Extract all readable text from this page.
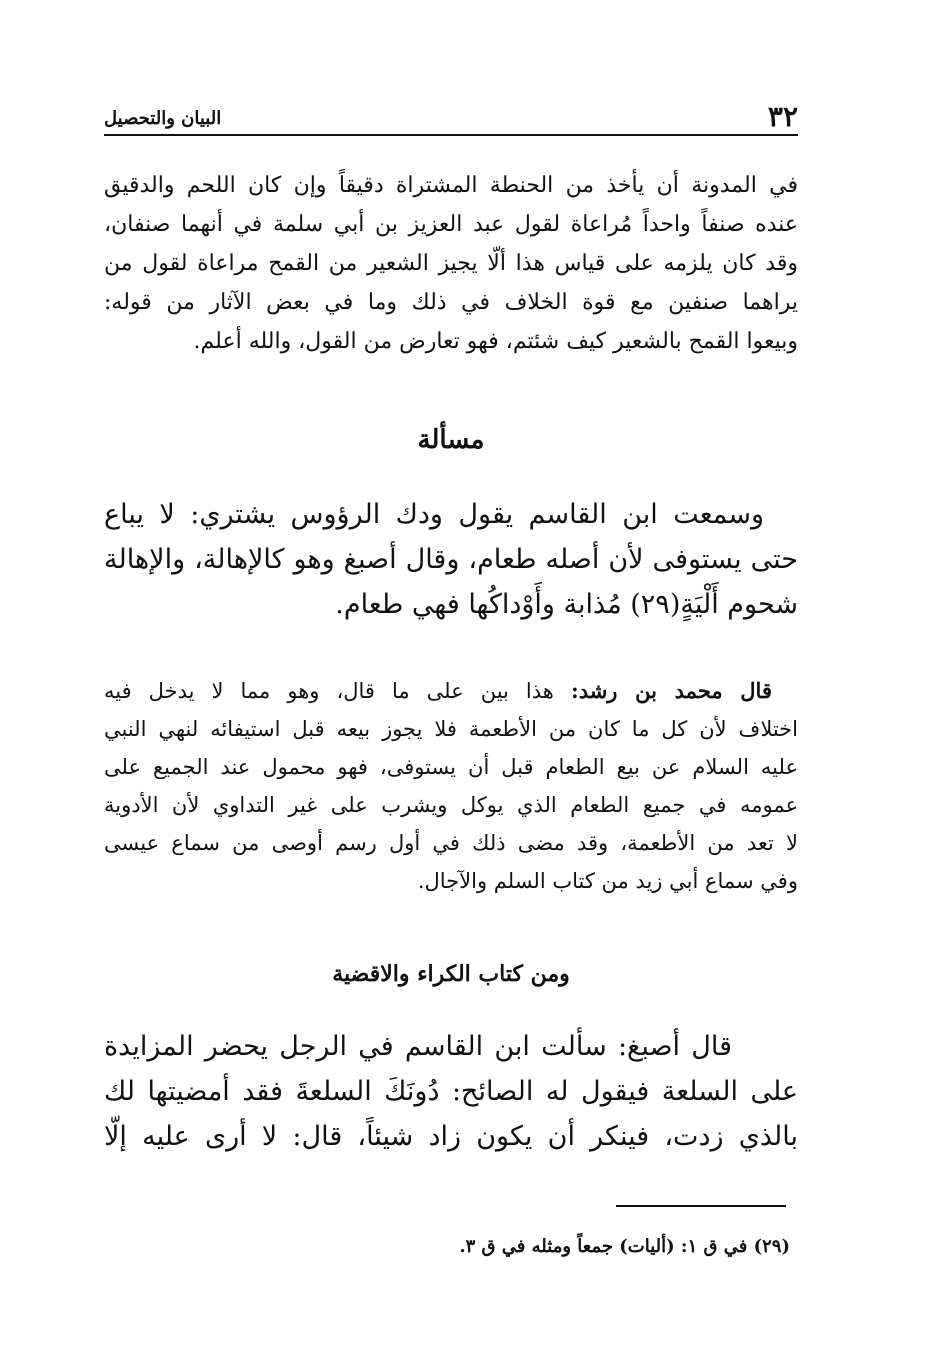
٣٢
البيان والتحصيل
في المدونة أن يأخذ من الحنطة المشتراة دقيقاً وإن كان اللحم والدقيق
عنده صنفاً واحداً مُراعاة لقول عبد العزيز بن أبي سلمة في أنهما صنفان،
وقد كان يلزمه على قياس هذا ألّا يجيز الشعير من القمح مراعاة لقول من
يراهما صنفين مع قوة الخلاف في ذلك وما في بعض الآثار من قوله:
وبيعوا القمح بالشعير كيف شئتم، فهو تعارض من القول، والله أعلم.
مسألة
وسمعت ابن القاسم يقول ودك الرؤوس يشتري: لا يباع
حتى يستوفى لأن أصله طعام، وقال أصبغ وهو كالإهالة، والإهالة
شحوم أَلْيَةٍ(٢٩) مُذابة وأَوْداكُها فهي طعام.
قال محمد بن رشد: هذا بين على ما قال، وهو مما لا يدخل فيه
اختلاف لأن كل ما كان من الأطعمة فلا يجوز بيعه قبل استيفائه لنهي النبي
عليه السلام عن بيع الطعام قبل أن يستوفى، فهو محمول عند الجميع على
عمومه في جميع الطعام الذي يوكل ويشرب على غير التداوي لأن الأدوية
لا تعد من الأطعمة، وقد مضى ذلك في أول رسم أوصى من سماع عيسى
وفي سماع أبي زيد من كتاب السلم والآجال.
ومن كتاب الكراء والاقضية
قال أصبغ: سألت ابن القاسم في الرجل يحضر المزايدة
على السلعة فيقول له الصائح: دُونَكَ السلعةَ فقد أمضيتها لك
بالذي زدت، فينكر أن يكون زاد شيئاً، قال: لا أرى عليه إلّا
(٢٩) في ق ١: (أليات) جمعاً ومثله في ق ٣.
